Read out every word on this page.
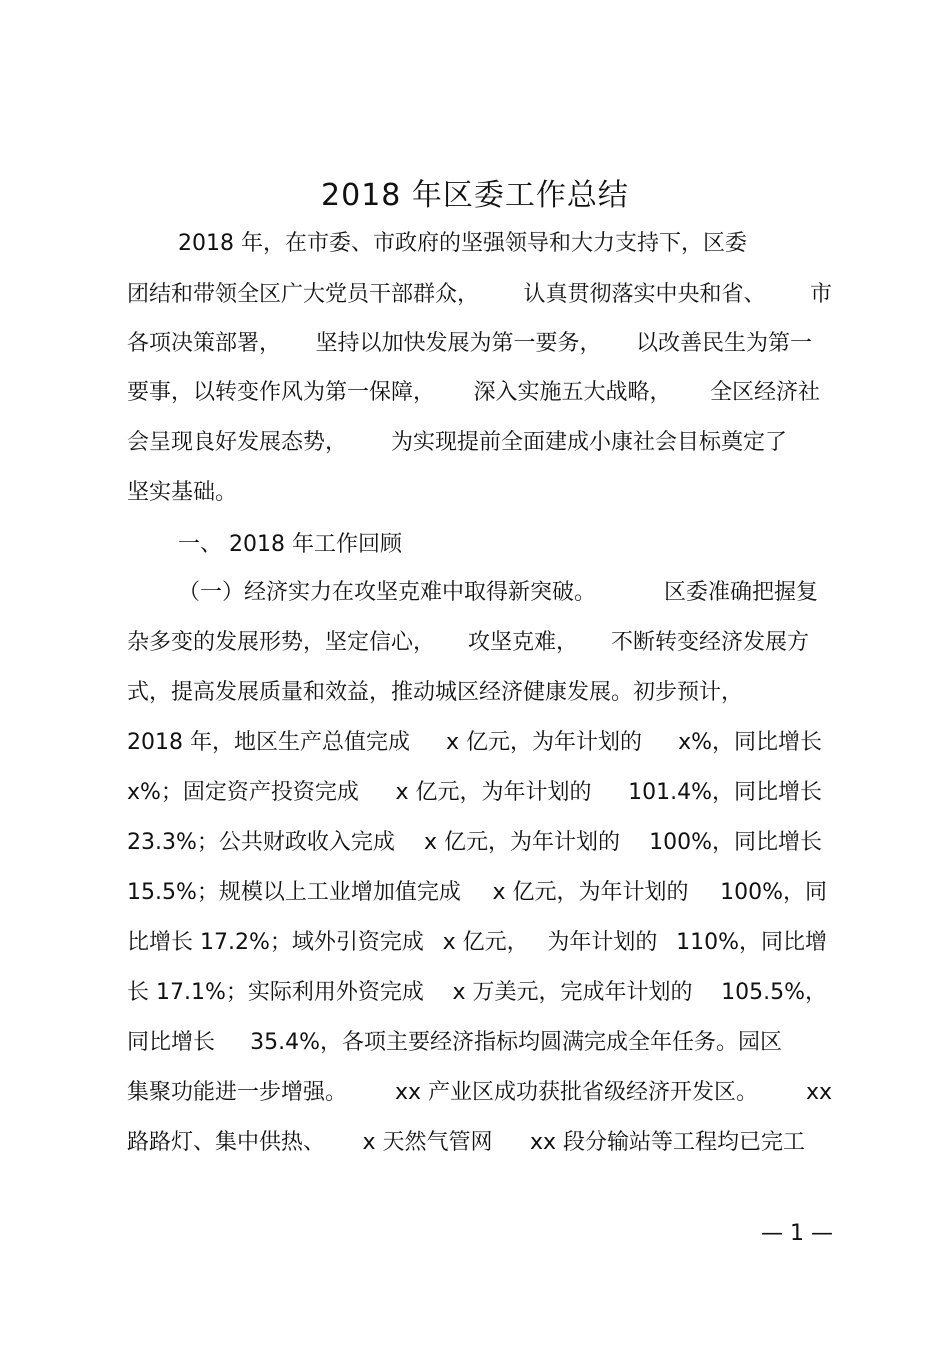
2018 年区委工作总结
2018 年，在市委、市政府的坚强领导和大力支持下，区委
团结和带领全区广大党员干部群众， 认真贯彻落实中央和省、 市
各项决策部署， 坚持以加快发展为第一要务， 以改善民生为第一
要事，以转变作风为第一保障， 深入实施五大战略， 全区经济社
会呈现良好发展态势， 为实现提前全面建成小康社会目标奠定了
坚实基础。
一、 2018 年工作回顾
（一）经济实力在攻坚克难中取得新突破。	区委准确把握复
杂多变的发展形势，坚定信心， 攻坚克难， 不断转变经济发展方
式，提高发展质量和效益，推动城区经济健康发展。初步预计，
2018 年，地区生产总值完成 x 亿元，为年计划的 x%，同比增长
x%；固定资产投资完成 x 亿元，为年计划的 101.4%，同比增长
23.3%；公共财政收入完成 x 亿元，为年计划的 100%，同比增长
15.5%；规模以上工业增加值完成 x 亿元，为年计划的 100%，同
比增长 17.2%；域外引资完成 x 亿元， 为年计划的 110%，同比增
长 17.1%；实际利用外资完成 x 万美元，完成年计划的 105.5%，
同比增长 35.4%，各项主要经济指标均圆满完成全年任务。园区
集聚功能进一步增强。 xx 产业区成功获批省级经济开发区。 xx
路路灯、集中供热、 x 天然气管网 xx 段分输站等工程均已完工
— 1 —
